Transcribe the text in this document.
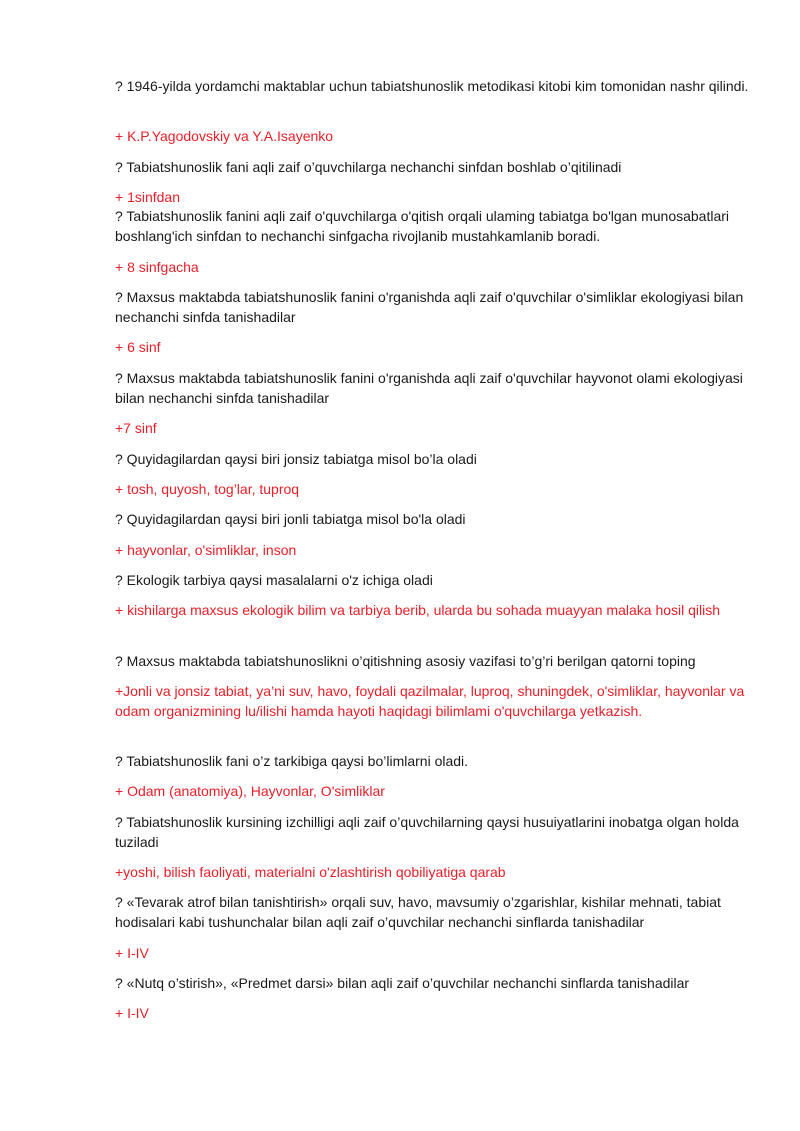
? 1946-yilda yordamchi maktablar uchun tabiatshunoslik metodikasi kitobi kim tomonidan nashr qilindi.

+ K.P.Yagodovskiy va Y.A.Isayenko

? Tabiatshunoslik fani aqli zaif o’quvchilarga nechanchi sinfdan boshlab o’qitilinadi

+ 1sinfdan

? Tabiatshunoslik fanini aqli zaif o'quvchilarga o'qitish orqali ulaming tabiatga bo'lgan munosabatlari boshlang'ich sinfdan to nechanchi sinfgacha rivojlanib mustahkamlanib boradi.

+ 8 sinfgacha

? Maxsus maktabda tabiatshunoslik fanini o'rganishda aqli zaif o'quvchilar o'simliklar ekologiyasi bilan nechanchi sinfda tanishadilar

+ 6 sinf

? Maxsus maktabda tabiatshunoslik fanini o'rganishda aqli zaif o'quvchilar hayvonot olami ekologiyasi bilan nechanchi sinfda tanishadilar

+7 sinf

? Quyidagilardan qaysi biri jonsiz tabiatga misol bo’la oladi

+ tosh, quyosh, tog’lar, tuproq

? Quyidagilardan qaysi biri jonli tabiatga misol bo'la oladi

+ hayvonlar, o'simliklar, inson

? Ekologik tarbiya qaysi masalalarni o'z ichiga oladi

+ kishilarga maxsus ekologik bilim va tarbiya berib, ularda bu sohada muayyan malaka hosil qilish

? Maxsus maktabda tabiatshunoslikni o’qitishning asosiy vazifasi to’g’ri berilgan qatorni toping

+Jonli va jonsiz tabiat, ya’ni suv, havo, foydali qazilmalar, luproq, shuningdek, o'simliklar, hayvonlar va odam organizmining lu/ilishi hamda hayoti haqidagi bilimlami o'quvchilarga yetkazish.

? Tabiatshunoslik fani o’z tarkibiga qaysi bo’limlarni oladi.

+ Odam (anatomiya), Hayvonlar, O'simliklar

? Tabiatshunoslik kursining izchilligi aqli zaif o’quvchilarning qaysi husuiyatlarini inobatga olgan holda tuziladi

+yoshi, bilish faoliyati, materialni o'zlashtirish qobiliyatiga qarab

? «Tevarak atrof bilan tanishtirish» orqali suv, havo, mavsumiy o’zgarishlar, kishilar mehnati, tabiat hodisalari kabi tushunchalar bilan aqli zaif o’quvchilar nechanchi sinflarda tanishadilar

+ I-IV

? «Nutq o’stirish», «Predmet darsi» bilan aqli zaif o’quvchilar nechanchi sinflarda tanishadilar

+ I-IV
